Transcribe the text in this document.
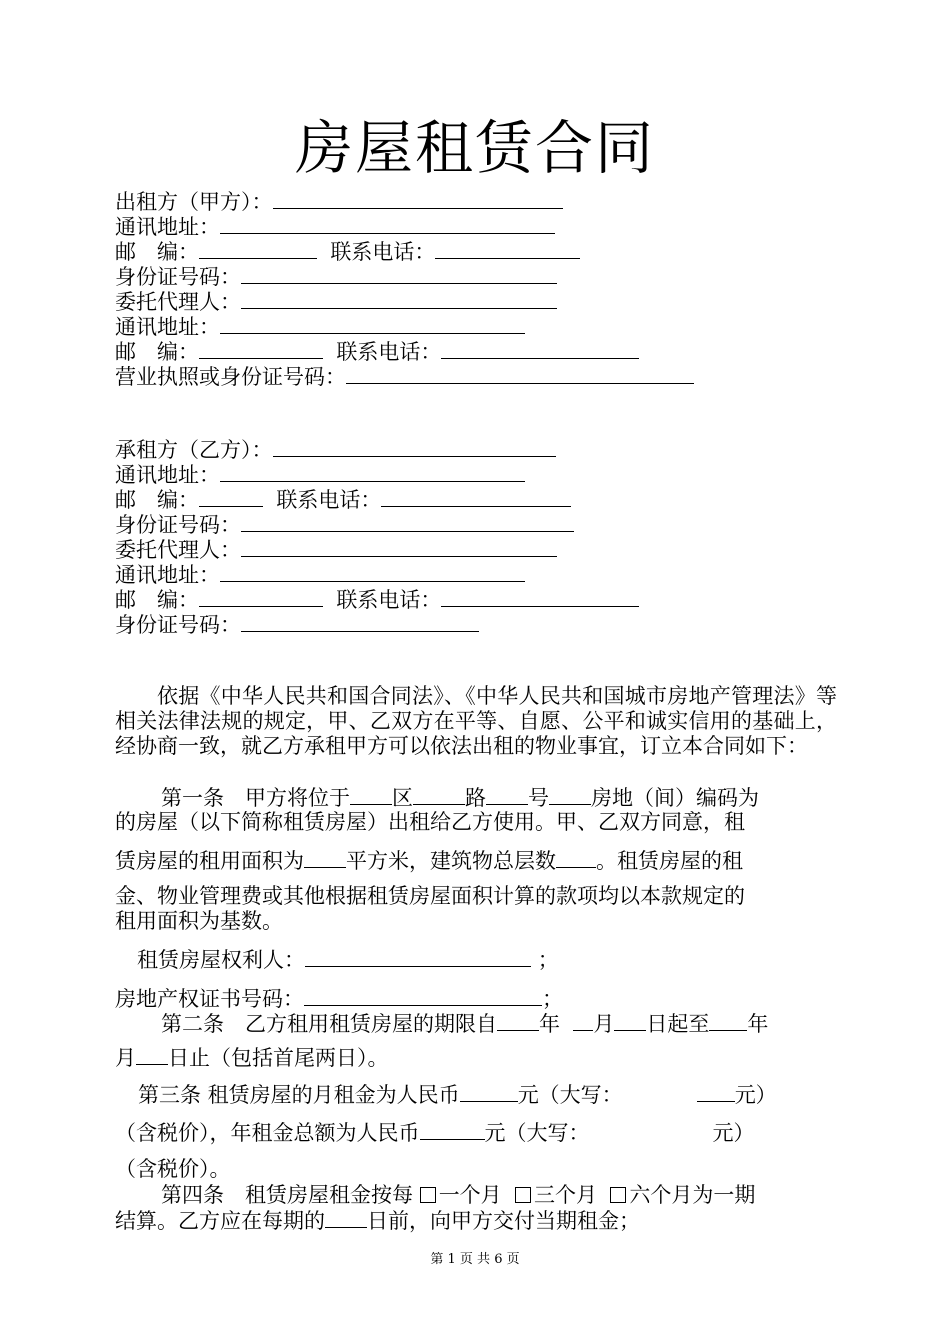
房屋租赁合同
出租方（甲方）：
通讯地址：
邮　编：	联系电话：
身份证号码：
委托代理人：
通讯地址：
邮　编：	联系电话：
营业执照或身份证号码：
承租方（乙方）：
通讯地址：
邮　编：	联系电话：
身份证号码：
委托代理人：
通讯地址：
邮　编：	联系电话：
身份证号码：
依据《中华人民共和国合同法》、《中华人民共和国城市房地产管理法》等相关法律法规的规定，甲、乙双方在平等、自愿、公平和诚实信用的基础上，经协商一致，就乙方承租甲方可以依法出租的物业事宜，订立本合同如下：
第一条　甲方将位于 区 路 号 房地（间）编码为
的房屋（以下简称租赁房屋）出租给乙方使用。甲、乙双方同意，租
赁房屋的租用面积为 平方米，建筑物总层数 。租赁房屋的租
金、物业管理费或其他根据租赁房屋面积计算的款项均以本款规定的
租用面积为基数。
租赁房屋权利人：	；
房地产权证书号码：	；
第二条　乙方租用租赁房屋的期限自 年 月 日起至 年
月 日止（包括首尾两日）。
第三条 租赁房屋的月租金为人民币	元（大写：	元）
（含税价），年租金总额为人民币	元（大写：	元）
（含税价）。
第四条　租赁房屋租金按每 一个月 三个月 六个月为一期
结算。乙方应在每期的 日前，向甲方交付当期租金；
第 1 页 共 6 页
